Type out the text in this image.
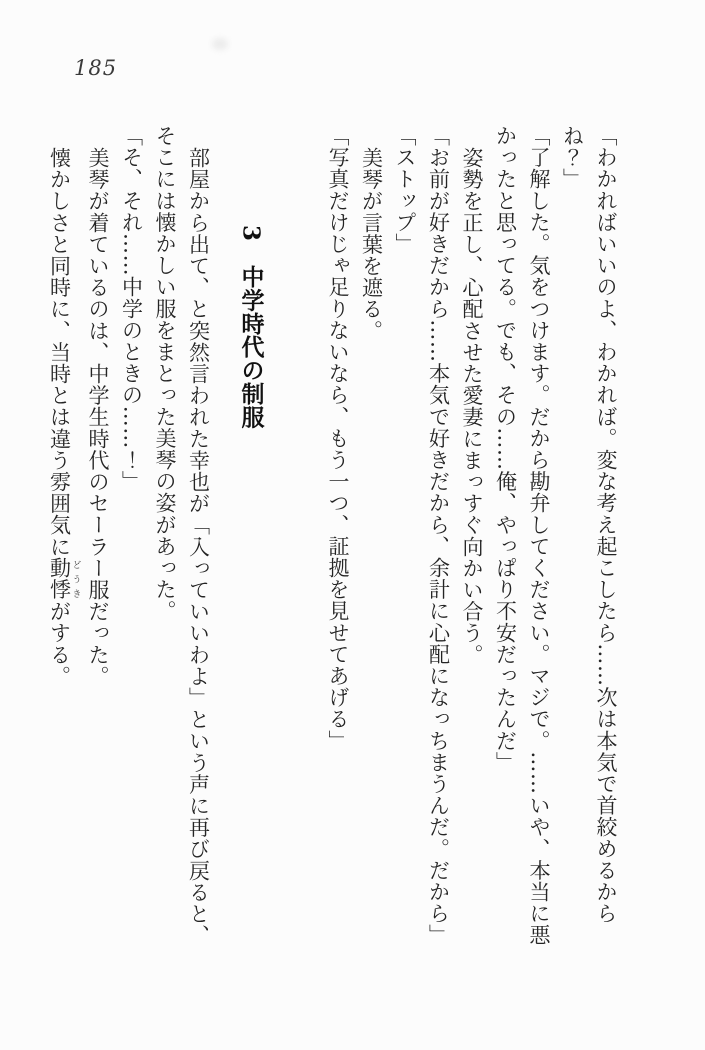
185
「わかればいいのよ、わかれば。変な考え起こしたら……次は本気で首絞めるから
ね？」
「了解した。気をつけます。だから勘弁してください。マジで。……いや、本当に悪
かったと思ってる。でも、その……俺、やっぱり不安だったんだ」
姿勢を正し、心配させた愛妻にまっすぐ向かい合う。
「お前が好きだから……本気で好きだから、余計に心配になっちまうんだ。だから」
「ストップ」
美琴が言葉を遮る。
「写真だけじゃ足りないなら、もう一つ、証拠を見せてあげる」
3　中学時代の制服
部屋から出て、と突然言われた幸也が「入っていいわよ」という声に再び戻ると、
そこには懐かしい服をまとった美琴の姿があった。
「そ、それ……中学のときの……！」
美琴が着ているのは、中学生時代のセーラー服だった。
懐かしさと同時に、当時とは違う雰囲気に動悸 どうきがする。
